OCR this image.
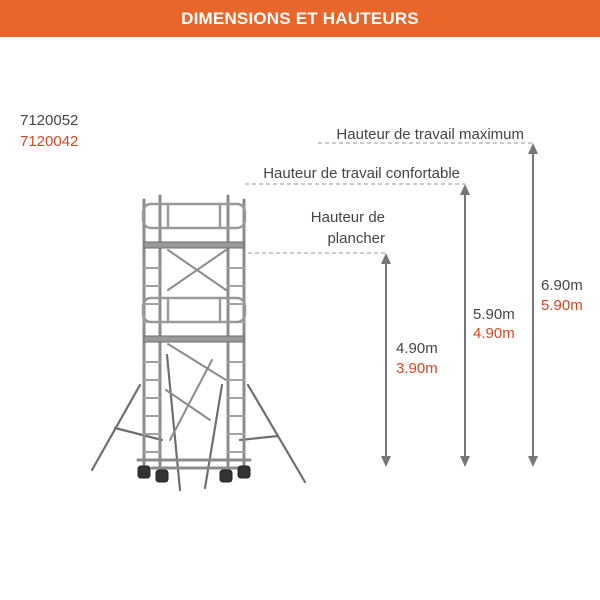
DIMENSIONS ET HAUTEURS
7120052
7120042	Hauteur de travail maximum
Hauteur de travail confortable
Hauteur de
plancher
4.90m
3.90m
5.90m
4.90m
6.90m
5.90m
